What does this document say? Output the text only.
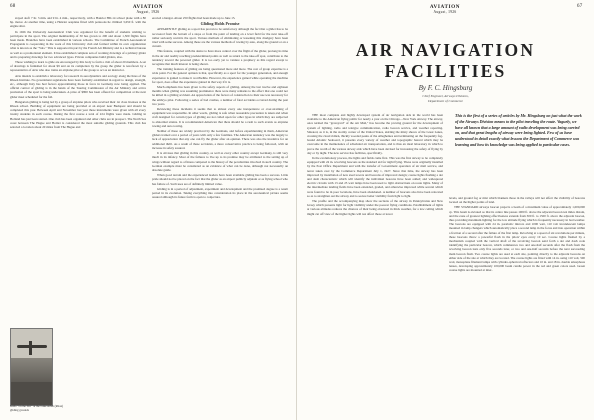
68	AVIATION
August, 1926

stayed aloft 7 hr. 3 min. and 9 hr. 4 min., respectively, with a Hanriot HD-14 school plane with a 80 hp. motor. At another time, using a Hanriot seaplane fitted with pontoons he climbed 3,650 ft. with the engine shut.

In 1926 the University Aeronautical Club was organized for the benefit of students wishing to participate in the sport. The original membership of 30 has grown to 200 and about 1,500 flights have been made. Branches have been established in various schools. The Committee of French Aeronautical Propaganda is cooperating in the work of this University club and formed within its own organization what is known as the "Vols." This is supported in part by the French Air Ministry and is a technical bureau as well as a promotional element. It has established complete sets of working drawings of a primary glider and is preparing drawings for two advanced types. Private companies build gliders, also.

Those wishing to learn to glide are encouraged by this body to form a club of about 20 members. A set of drawings is furnished for about $9 and on its completion by the group the glider is test-flown by a representative of Avia who also trains an airplane pilot of the group to act as an instructor.

Avia intends to establish a laboratory for research in aerodynamics and ecology along the lines of the Rhoen Institute. No government regulations have been formally established in regard to design, strength, etc., although Italy has had factors approximating those in force in Germany now being applied. The official control of gliding is in the hands of the Touring Commission of the Air Ministry and active promotion of the sport is being undertaken. A prize of $800 has been offered for competition at the next glider meet scheduled for the fall.

Hungarian gliding is being led by a group of airplane pilots who received their 1st class licenses at the Rhoen school. Building of equipment are being provided at an airport near Budapest and should be completed this year. Between April and November last year these instruments were given with all every twenty students in each course. During the first course a total of 224 flights were made. Gliding in Holland has just been started. One club has been organized and other clubs are in prospect. The North Sea coast between The Hague and Holder is considered the most suitable gliding grounds. This club has selected a location about 20 miles from The Hague and

Gulls "on the Dot" at the Lake Arlen (Rhon) gliding grounds

erected a hangar. About 250 flights had been made up to June 15.

Gliding Holds Promise

APPARENTLY gliding as a sport has proven to be satisfactory although the fact that a glider has to be recovered from the bottom of a slope or from the point of landing on a level field for the next take-off rather seriously restricts the sport. Various methods of eliminating or lessening this drudgery have been tried with some success. Among these are the various methods of towing by auto, along the ground or on a current.

This feature, coupled with the desire to have more control over the flight of the glider, prolong its time in the air and readily reaching predetermined points as well as return to the take-off spot, contribute to the tendency toward the powered glider. It is too early yet to venture a prophecy as this regard except to recognize that much interest is being shown.

The training features of gliding are being questioned more and more. The cost of group expertise is a wide point. For the general opinion is that, specifically as a sport for the younger generation, and enough experience is gained to make it worthwhile. However, the experience gained while operating the machine for sport, does offset the experience gained in that way if it is.

Much emphasis has been given to the safety aspects of gliding. Among the last twelve and eighteen months when gliding was assuming prominence there were many remarks to the effect that one could not be killed in a gliding accident. An appreciation of the factors of construction to their use was necessary for the embryo pilot. Following a series of bad crashes, a number of fatal accidents occurred during the past two years.

Reviewing these incidents it seems that to almost every one inexperience or over-straining of equipment was responsible. In other words, gliding is safe when reasonable precaution is taken and when craft designed for certain types of gliding are not called upon for other types in which they are subjected to abnormal strains. It is recommended American that there should be a rush to such events as airplane towing and auto towing.

Neither of these are widely practiced by the Germans, and before experimenting in them, American gliders trained over a period of years with only a few fatalities. The American tendency was the largely to lack of appreciation that any one can fly the glider after an opinion. There was also the incentive for an additional thrill. As a result of these accidents, a more conservative practice is being followed, with an increase in safety assured.

It is obvious that gliding in this country, as well as every other country except Germany, is still very much in its infancy. Most of the failures to live up to its promise may be attributed to the setting up of wings without regard to a fitness compared to the history of the peculiarities involved in such country. The German example must be considered as an evidence of what can be done, although not necessarily an absolute guide.

When good terrain and the experienced leaders have been available gliding has been a success. Little pride should not be placed on the fact that the glider as an airport publicly adjutant or as flying school who has failure of. Such uses are of definitely limited value.

Gliding is in a period of adjustment, experiment and development and the promised degree is a result period in its evolution. Taking everything into consideration its place in the aeronautical picture seems assured although its future form is open to conjecture.

AVIATION
August, 1926
67
AIR NAVIGATION FACILITIES
By F. C. Hingsburg
Chief Engineer, Airways Division,
Department of Commerce
This is the first of a series of articles by Mr. Hingsburg on just what the work of the Airways Division means to the pilot traveling the route. Vaguely, we have all known that a large amount of radio development was being carried on, and that great lengths of airway were being lighted. Few of us have understood in detail exactly what lessons the Department of Commerce was learning and how its knowledge was being applied to particular cases.

THE most complete and highly developed system of air navigation aids in the world has been available to the American flying public for nearly a year on the Chicago—New York Airway. The airway, once termed the "graveyard" of the Air Mail," has become the proving ground for the development of system of lighting, radio and teletype communication, radio beacon service, and weather reporting. Situated, as it is, in the stormy corner of the United States, skirting the misty shores of the Great Lakes, crossing the cloud ridden, thickly wooded peaks of the Alleghenies and terminating on the frequently fog-bound Atlantic Seaboard, it presents every variety of weather and topographic hazard which may be overcome in the maintenance of scheduled air transportation, and is thus an ideal laboratory in which to prove the worth of the various airway aids which have been devised for increasing the safety of flying by day or by night. The new service has facilities, specifically.

In the evolutionary process, the lights and fields came first. This was the first airway to be completely equipped with 24 in. revolving beacons as the standard aid for night flying. These were originally installed by the Post Office Department and with the transfer of Government operation of air mail service, and never taken over by the Commerce Department July 1, 1927. Since that time, the airway has been improved by installation of new steel towers and beacons of improved design; course lights flashing a dot and dash characteristic which will identify the individual beacons have been added; and widespread electric circuits with 13 and 25 watt lamps have been used to light obstructions on route lights. Many of the intermediate landing fields have been extended, graded, and otherwise improved while several which were found to be in poor locations, have been abandoned. A number of beacons also have been relocated so as to straighten out the airway and to secure better visibility from light to light.

The profile and the accompanying map show the sections of the airway in Pennsylvania and New Jersey which presents light for light visibility under the poorest flying conditions. Establishment of lights at various altitudes reduces the chances of their being obscured in thick weather, for a low ceiling which might cut off view of the higher lights will not affect those at lower

levels, and ground fog or mist which blankets those in the valleys will not affect the visibility of beacons located on the higher points of land.

THE STANDARD airways beacon projects a beam of a maximum value of approximately 1,000,000 cp. This beam is elevated so that its centre line passes 1000 ft. above the adjacent beacon ten miles distant, and the zone of greatest lighting effectiveness extends from 300 ft. to 1500 ft. above the adjacent beacon, thus providing maximum lighting for the low altitude flying which is frequently necessary in bad weather. The beacons are equipped with 24 in. parabolic mirrors and 1000 watt, 110 volt incandescent lamps mounted in lamp changers which automatically place a second lamp in the focus and into operation within a fraction of a second after the failure of the first lamp. Revolving at a speed of six revolutions per minute, these beacons throw a powerful flash in the pilots' eyes every 10 sec. Course lights flashed by a mechanism coupled with the vertical shaft of the revolving beacon send forth a dot and dash code identifying the particular beacon, which commences two and one-half seconds after the flash from the revolving beacon lasts only five seconds later, or two and one-half seconds before the next succeeding main beacon flash. Two course lights are used at each site, pointing directly to the adjacent beacons on either side of the site at which they are located. The course lights are fitted with 14 in. using 110 volt, 500 watt, monoplane filament lamps with cylindro-spherical reflectors and 10 in. and 18 in. double amorphous lenses, developing approximately 100,000 beam candle power in the red and green colors used. Green course lights are mounted at inter-
